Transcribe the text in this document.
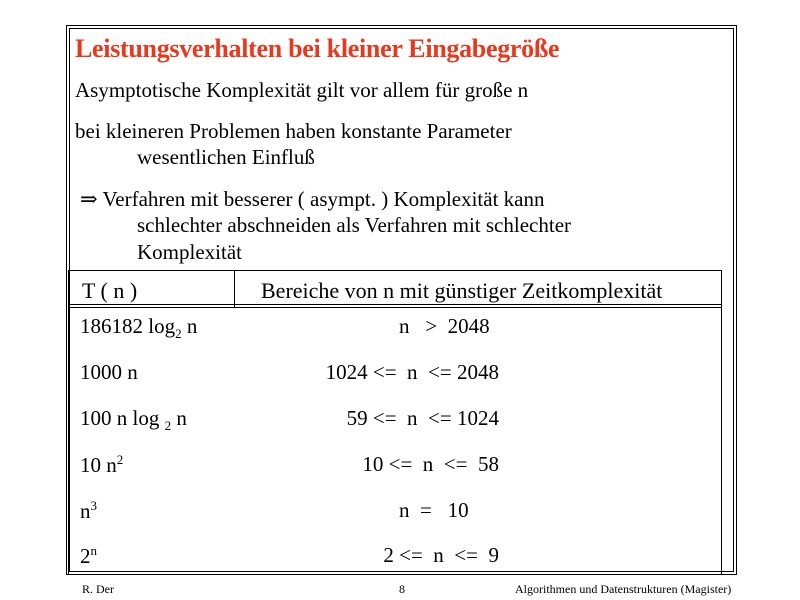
Leistungsverhalten bei kleiner Eingabegröße
Asymptotische Komplexität gilt vor allem für große n
bei kleineren Problemen haben konstante Parameter
wesentlichen Einfluß
⇒ Verfahren mit besserer ( asympt. ) Komplexität kann
schlechter abschneiden als Verfahren mit schlechter
Komplexität
T ( n )	Bereiche von n mit günstiger Zeitkomplexität
186182 $\log_2 n$	n   >  2048
1000 n	1024 <=  n  <= 2048
100 n log $_2$ n	59 <=  n  <= 1024
10 $n^2$	10 <=  n  <=  58
$n^3$	n  =   10
2$^n$	2 <=  n  <=  9
R. Der	8	Algorithmen und Datenstrukturen (Magister)
